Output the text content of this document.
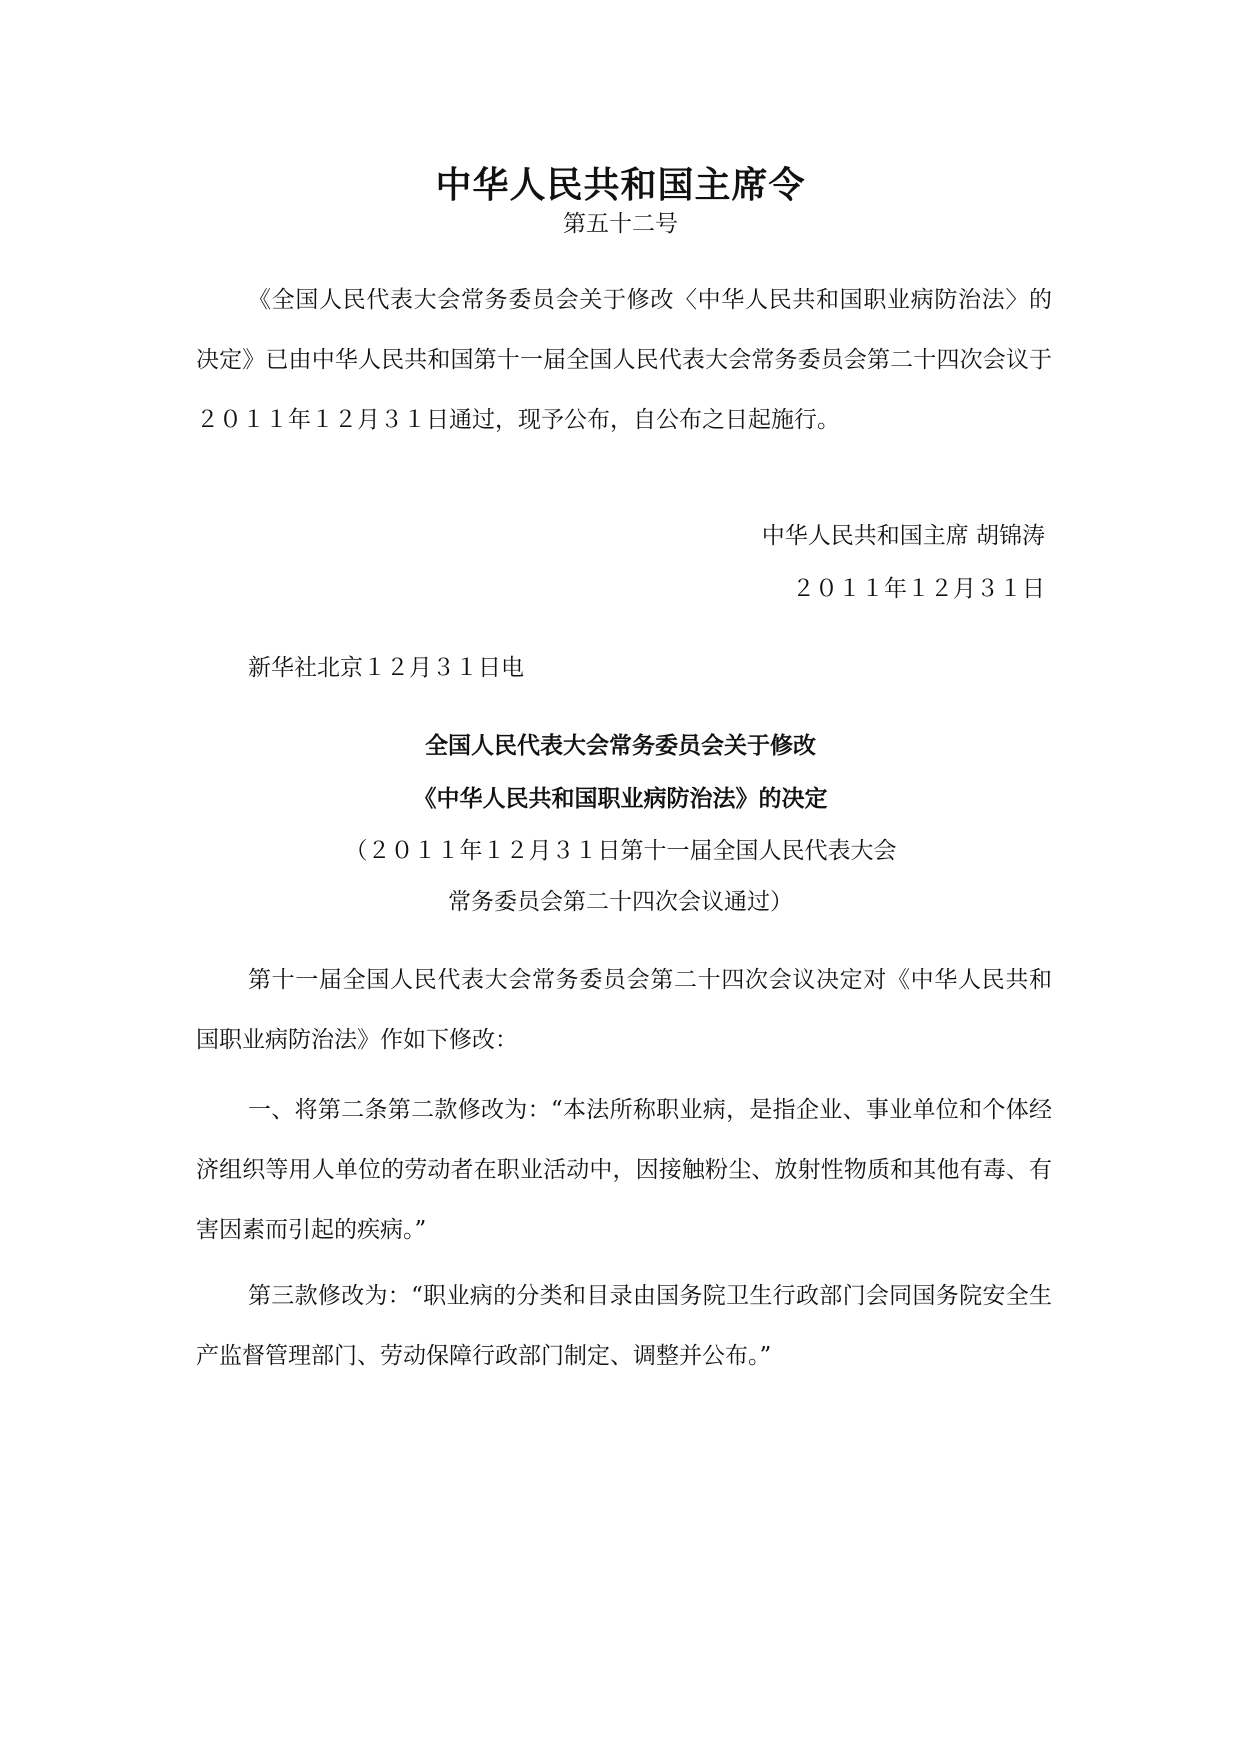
中华人民共和国主席令

第五十二号

《全国人民代表大会常务委员会关于修改〈中华人民共和国职业病防治法〉的决定》已由中华人民共和国第十一届全国人民代表大会常务委员会第二十四次会议于２０１１年１２月３１日通过，现予公布，自公布之日起施行。

中华人民共和国主席 胡锦涛

２０１１年１２月３１日

新华社北京１２月３１日电

全国人民代表大会常务委员会关于修改

《中华人民共和国职业病防治法》的决定

（２０１１年１２月３１日第十一届全国人民代表大会

常务委员会第二十四次会议通过）

第十一届全国人民代表大会常务委员会第二十四次会议决定对《中华人民共和国职业病防治法》作如下修改：

一、将第二条第二款修改为：“本法所称职业病，是指企业、事业单位和个体经济组织等用人单位的劳动者在职业活动中，因接触粉尘、放射性物质和其他有毒、有害因素而引起的疾病。”

第三款修改为：“职业病的分类和目录由国务院卫生行政部门会同国务院安全生产监督管理部门、劳动保障行政部门制定、调整并公布。”
